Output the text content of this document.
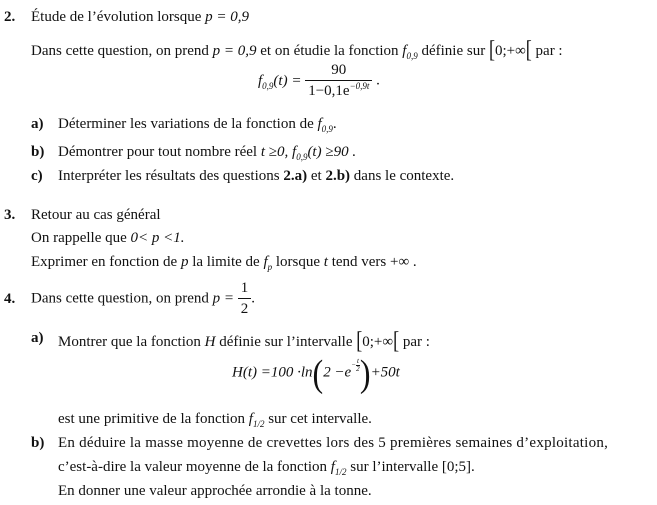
2. Étude de l’évolution lorsque p = 0,9
Dans cette question, on prend p = 0,9 et on étudie la fonction $f_{0,9}$ définie sur [0;+∞[ par :
$f_{0,9}(t) = \frac{90}{1-0,1e^{-0,9t}}$ .
a) Déterminer les variations de la fonction de $f_{0,9}$.
b) Démontrer pour tout nombre réel t ≥0, $f_{0,9}(t) \ge 90$ .
c) Interpréter les résultats des questions 2.a) et 2.b) dans le contexte.
3. Retour au cas général
On rappelle que 0< p <1.
Exprimer en fonction de p la limite de $f_p$ lorsque t tend vers +∞ .
4. Dans cette question, on prend $p = \frac{1}{2}$ .
a) Montrer que la fonction H définie sur l’intervalle [0;+∞[ par :
$H(t) =100 \cdot\ln(2 -e- \frac{t}{2} )+50t$
est une primitive de la fonction $f_{1/2}$ sur cet intervalle.
b) En déduire la masse moyenne de crevettes lors des 5 premières semaines d’exploitation,
c’est-à-dire la valeur moyenne de la fonction $f_{1/2}$ sur l’intervalle [0;5].
En donner une valeur approchée arrondie à la tonne.
